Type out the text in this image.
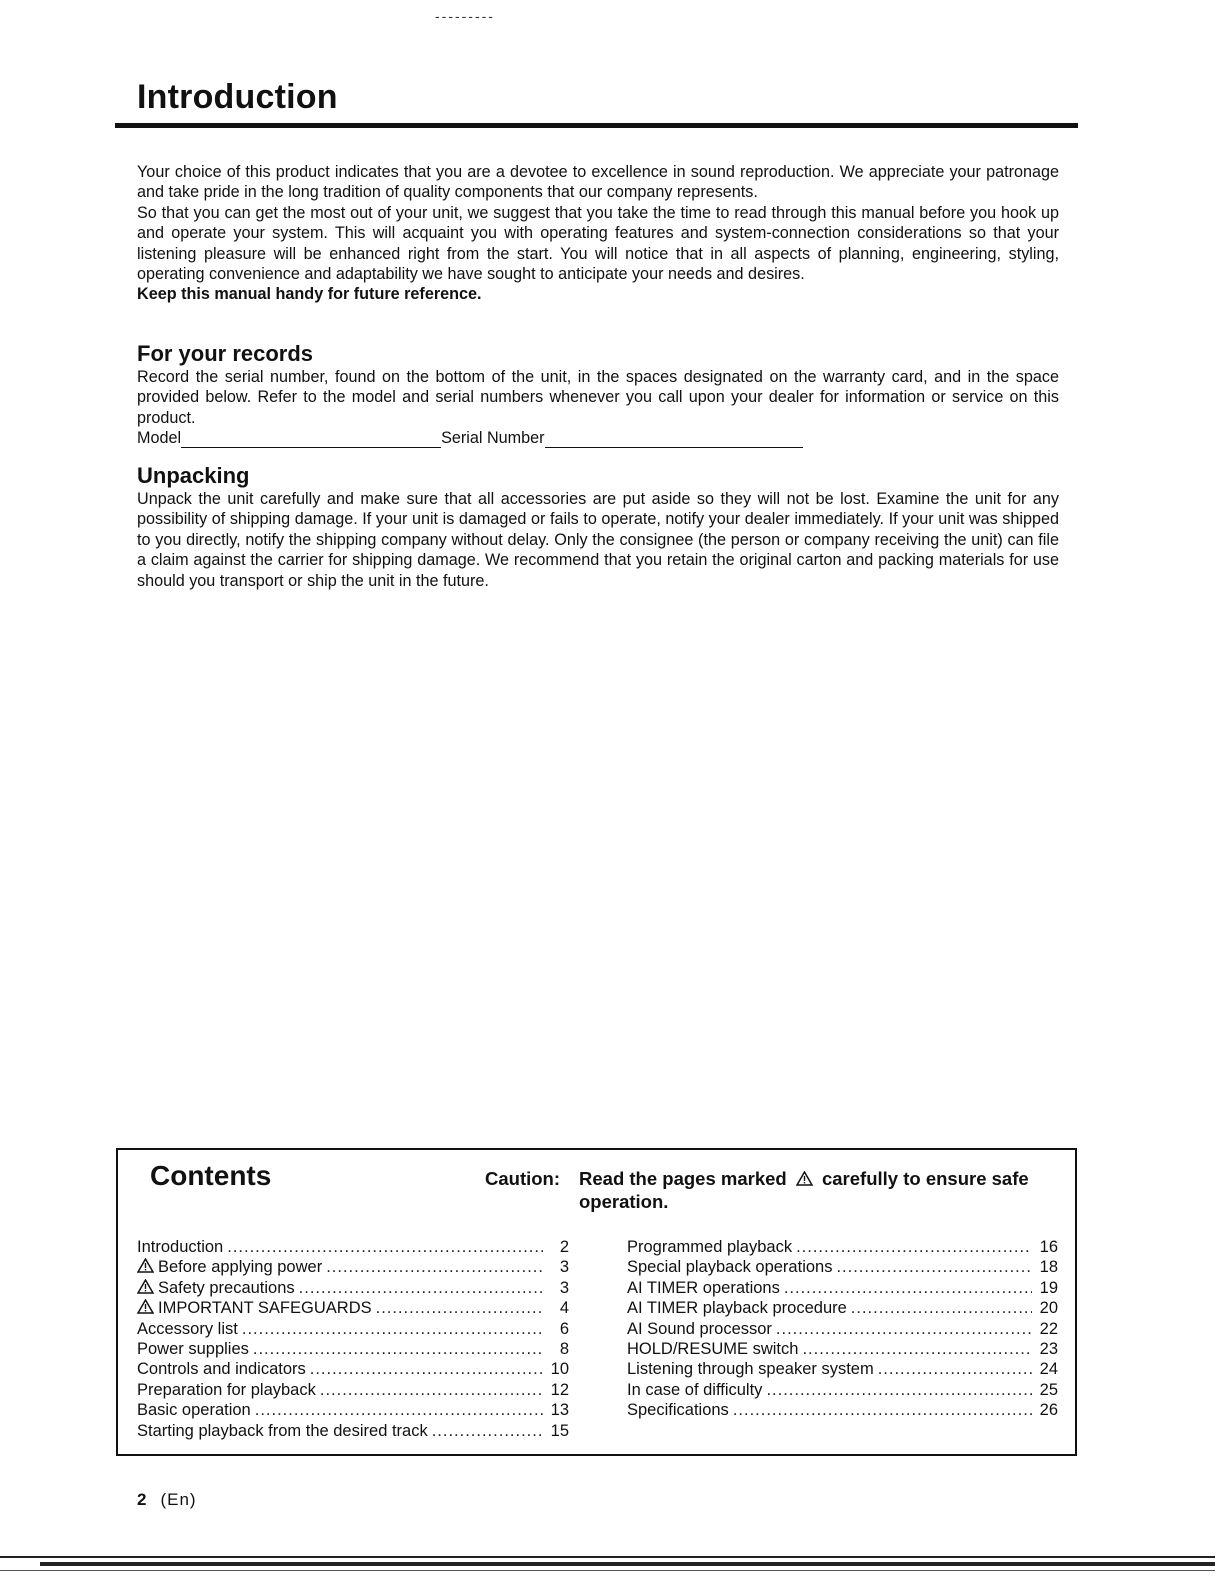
---------
Introduction

Your choice of this product indicates that you are a devotee to excellence in sound reproduction. We appreciate your patronage and take pride in the long tradition of quality components that our company represents.

So that you can get the most out of your unit, we suggest that you take the time to read through this manual before you hook up and operate your system. This will acquaint you with operating features and system-connection considerations so that your listening pleasure will be enhanced right from the start. You will notice that in all aspects of planning, engineering, styling, operating convenience and adaptability we have sought to anticipate your needs and desires.

Keep this manual handy for future reference.

For your records

Record the serial number, found on the bottom of the unit, in the spaces designated on the warranty card, and in the space provided below. Refer to the model and serial numbers whenever you call upon your dealer for information or service on this product.

Model	Serial Number
Unpacking

Unpack the unit carefully and make sure that all accessories are put aside so they will not be lost. Examine the unit for any possibility of shipping damage. If your unit is damaged or fails to operate, notify your dealer immediately. If your unit was shipped to you directly, notify the shipping company without delay. Only the consignee (the person or company receiving the unit) can file a claim against the carrier for shipping damage. We recommend that you retain the original carton and packing materials for use should you transport or ship the unit in the future.

Contents	Caution: Read the pages marked carefully to ensure safe operation.
Introduction .....	2
Before applying power .....	3
Safety precautions .....	3
IMPORTANT SAFEGUARDS .....	4
Accessory list .....	6
Power supplies .....	8
Controls and indicators .....	10
Preparation for playback .....	12
Basic operation .....	13
Starting playback from the desired track .....	15
Programmed playback .....	16
Special playback operations .....	18
AI TIMER operations .....	19
AI TIMER playback procedure .....	20
AI Sound processor .....	22
HOLD/RESUME switch .....	23
Listening through speaker system .....	24
In case of difficulty .....	25
Specifications .....	26
2 (En)
